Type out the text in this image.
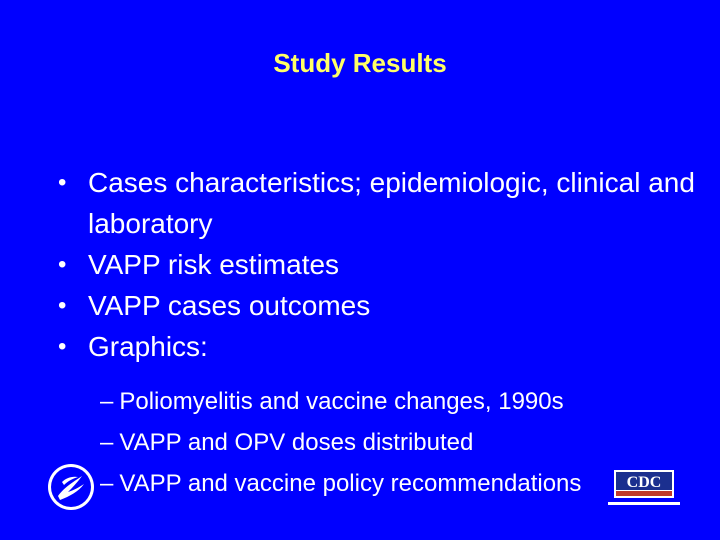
Study Results
• Cases characteristics; epidemiologic, clinical and laboratory
• VAPP risk estimates
• VAPP cases outcomes
• Graphics:
– Poliomyelitis and vaccine changes, 1990s
– VAPP and OPV doses distributed
– VAPP and vaccine policy recommendations	CDC
